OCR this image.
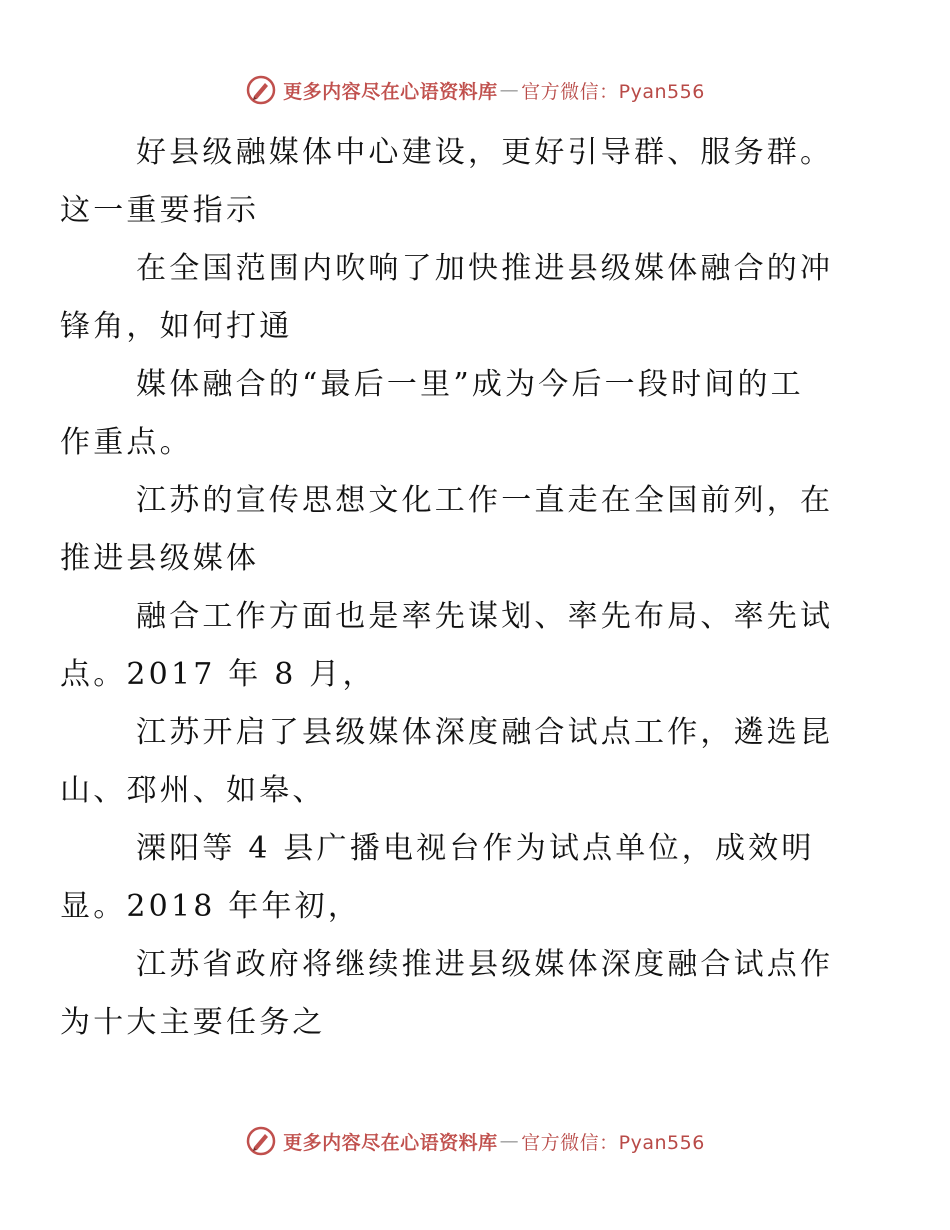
更多内容尽在心语资料库 — 官方微信：Pyan556

好县级融媒体中心建设，更好引导群、服务群。
这一重要指示

在全国范围内吹响了加快推进县级媒体融合的冲
锋角，如何打通

媒体融合的“最后一里”成为今后一段时间的工
作重点。

江苏的宣传思想文化工作一直走在全国前列，在
推进县级媒体

融合工作方面也是率先谋划、率先布局、率先试
点。2017 年 8 月，

江苏开启了县级媒体深度融合试点工作，遴选昆
山、邳州、如皋、

溧阳等 4 县广播电视台作为试点单位，成效明
显。2018 年年初，

江苏省政府将继续推进县级媒体深度融合试点作
为十大主要任务之

更多内容尽在心语资料库 — 官方微信：Pyan556
